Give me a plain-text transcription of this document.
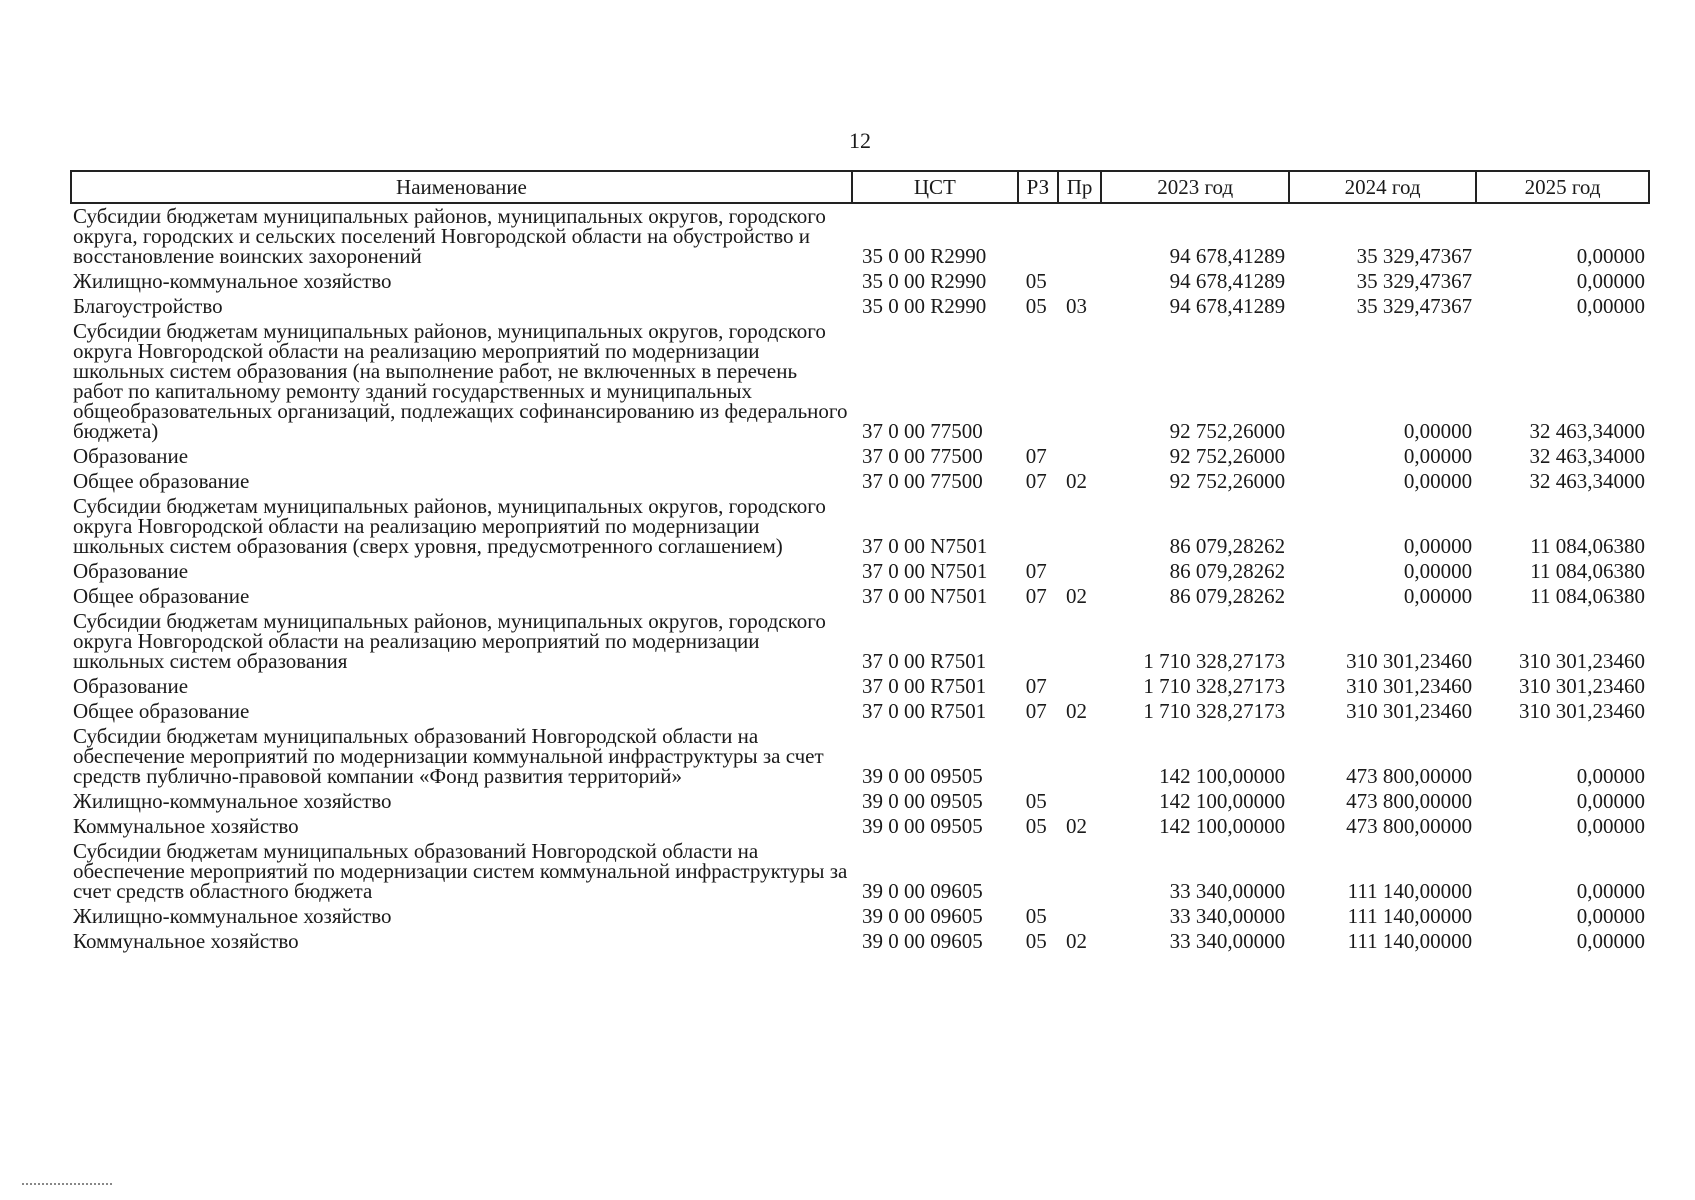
12
Наименование	ЦСТ	РЗ	Пр	2023 год	2024 год	2025 год
Субсидии бюджетам муниципальных районов, муниципальных округов, городского округа, городских и сельских поселений Новгородской области на обустройство и восстановление воинских захоронений	35 0 00 R2990			94 678,41289	35 329,47367	0,00000
Жилищно-коммунальное хозяйство	35 0 00 R2990	05		94 678,41289	35 329,47367	0,00000
Благоустройство	35 0 00 R2990	05	03	94 678,41289	35 329,47367	0,00000
Субсидии бюджетам муниципальных районов, муниципальных округов, городского округа Новгородской области на реализацию мероприятий по модернизации школьных систем образования (на выполнение работ, не включенных в перечень работ по капитальному ремонту зданий государственных и муниципальных общеобразовательных организаций, подлежащих софинансированию из федерального бюджета)	37 0 00 77500			92 752,26000	0,00000	32 463,34000
Образование	37 0 00 77500	07		92 752,26000	0,00000	32 463,34000
Общее образование	37 0 00 77500	07	02	92 752,26000	0,00000	32 463,34000
Субсидии бюджетам муниципальных районов, муниципальных округов, городского округа Новгородской области на реализацию мероприятий по модернизации школьных систем образования (сверх уровня, предусмотренного соглашением)	37 0 00 N7501			86 079,28262	0,00000	11 084,06380
Образование	37 0 00 N7501	07		86 079,28262	0,00000	11 084,06380
Общее образование	37 0 00 N7501	07	02	86 079,28262	0,00000	11 084,06380
Субсидии бюджетам муниципальных районов, муниципальных округов, городского округа Новгородской области на реализацию мероприятий по модернизации школьных систем образования	37 0 00 R7501			1 710 328,27173	310 301,23460	310 301,23460
Образование	37 0 00 R7501	07		1 710 328,27173	310 301,23460	310 301,23460
Общее образование	37 0 00 R7501	07	02	1 710 328,27173	310 301,23460	310 301,23460
Субсидии бюджетам муниципальных образований Новгородской области на обеспечение мероприятий по модернизации коммунальной инфраструктуры за счет средств публично-правовой компании «Фонд развития территорий»	39 0 00 09505			142 100,00000	473 800,00000	0,00000
Жилищно-коммунальное хозяйство	39 0 00 09505	05		142 100,00000	473 800,00000	0,00000
Коммунальное хозяйство	39 0 00 09505	05	02	142 100,00000	473 800,00000	0,00000
Субсидии бюджетам муниципальных образований Новгородской области на обеспечение мероприятий по модернизации систем коммунальной инфраструктуры за счет средств областного бюджета	39 0 00 09605			33 340,00000	111 140,00000	0,00000
Жилищно-коммунальное хозяйство	39 0 00 09605	05		33 340,00000	111 140,00000	0,00000
Коммунальное хозяйство	39 0 00 09605	05	02	33 340,00000	111 140,00000	0,00000
